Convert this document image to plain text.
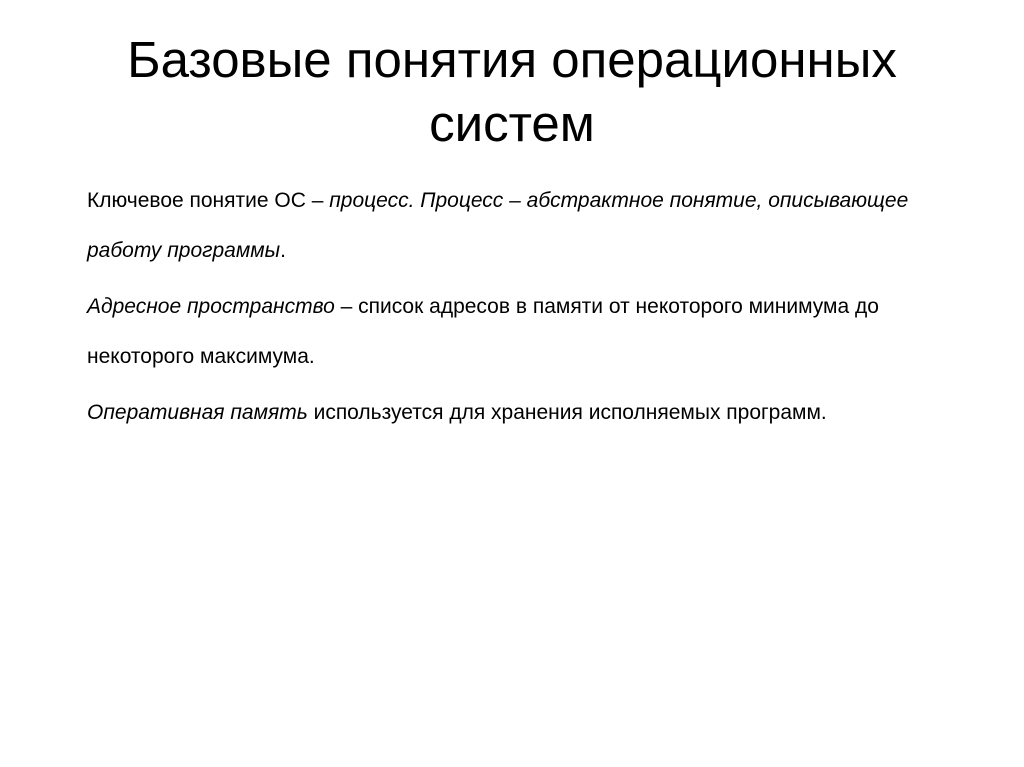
Базовые понятия операционных
систем

Ключевое понятие ОС – процесс. Процесс – абстрактное понятие, описывающее работу программы.

Адресное пространство – список адресов в памяти от некоторого минимума до некоторого максимума.

Оперативная память используется для хранения исполняемых программ.
